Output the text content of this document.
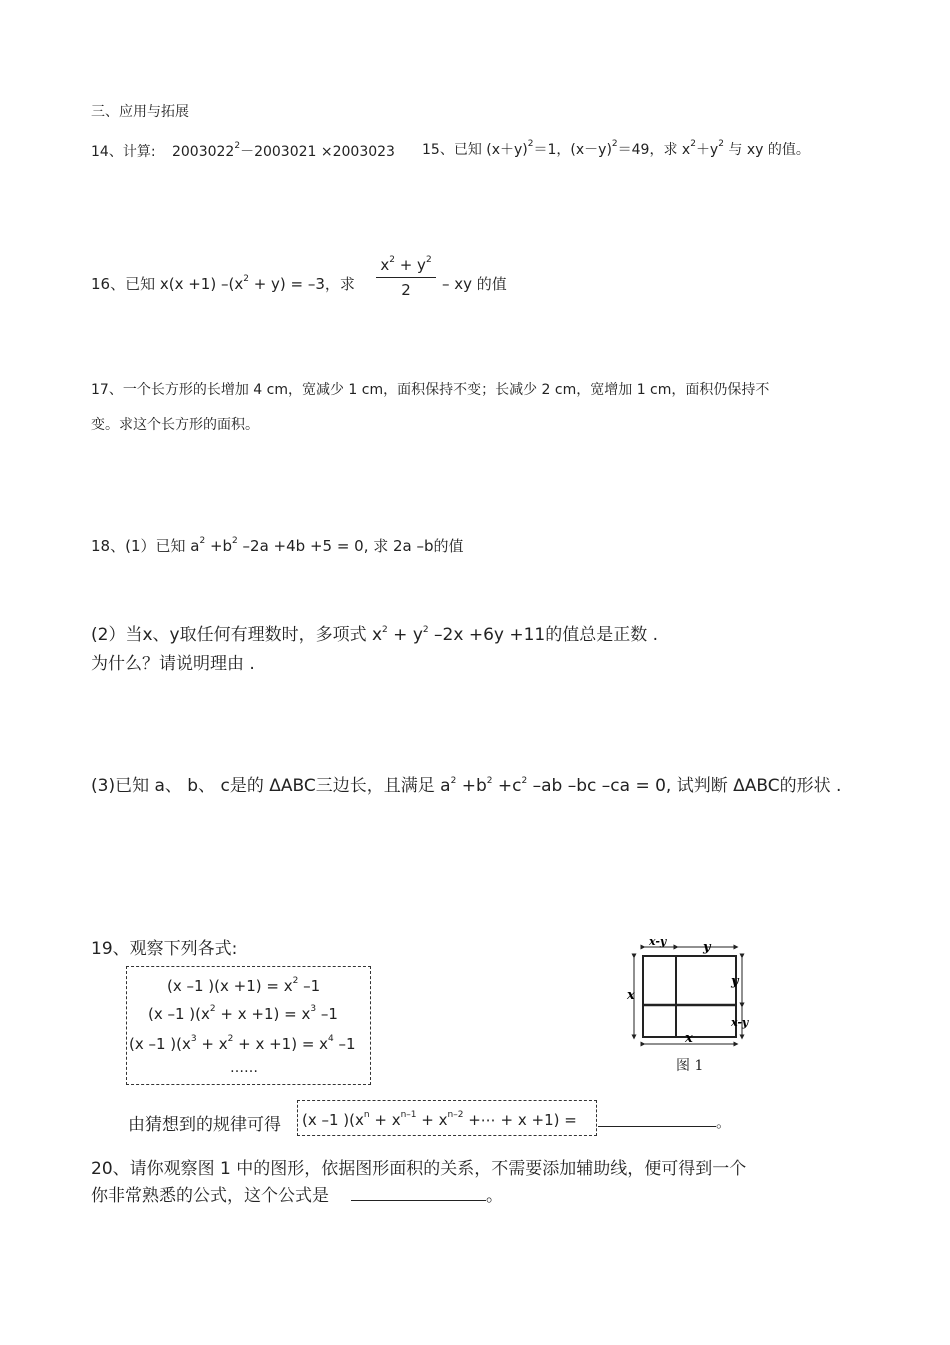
三、应用与拓展
14、计算: $2003022^2-2003021 \times 2003023$ 15、已知 $(x+y)^2=1$，$(x-y)^2=49$，求 $x^2+y^2$ 与 xy 的值。
16、已知 x(x +1) $-(x^2 + y) = -3$，求
$x^2 + y^2$
2	– xy 的值
17、一个长方形的长增加 4 cm，宽减少 1 cm，面积保持不变；长减少 2 cm，宽增加 1 cm，面积仍保持不
变。求这个长方形的面积。
18、(1）已知 $a^2 +b^2$ –2a +4b +5 = 0, 求 2a –b的值
(2）当x、y取任何有理数时，多项式 $x^2 + y^2$ –2x +6y +11的值总是正数 .
为什么？请说明理由 .
(3)已知 a、 b、 c是的 ΔABC三边长，且满足 $a^2 +b^2 +c^2$ –ab –bc –ca = 0, 试判断 ΔABC的形状 .
19、观察下列各式:
(x –1 )$(x +1) = x^2$ –1
(x –1 )$(x^2 + x +1) = x^3$ –1
(x –1 )$(x^3 + x^2 + x +1) = x^4$ –1
……
由猜想到的规律可得 (x –1 )($x^n + x^{n-1} + x^{n-2}$ +⋯ + x +1) =	。
x-y	y
x
y
x-y
x
图 1
20、请你观察图 1 中的图形，依据图形面积的关系，不需要添加辅助线，便可得到一个
你非常熟悉的公式，这个公式是	。
